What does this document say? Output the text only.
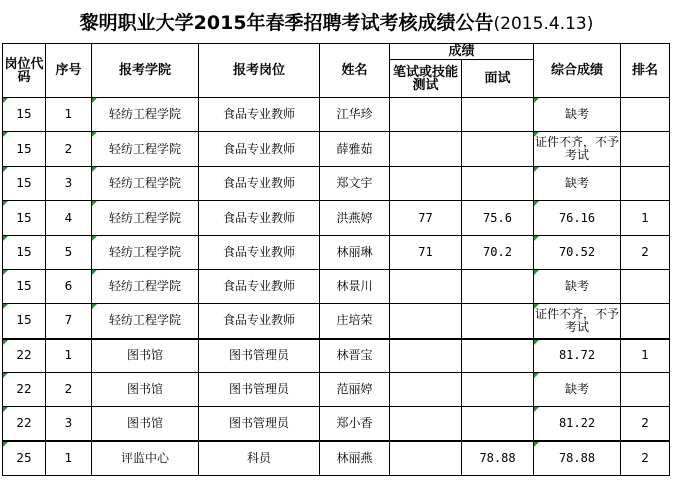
黎明职业大学2015年春季招聘考试考核成绩公告(2015.4.13)
岗位代码	序号	报考学院	报考岗位	姓名	成绩		综合成绩	排名
					笔试或技能测试	面试		
15	1	轻纺工程学院	食品专业教师	江华珍			缺考

15	2	轻纺工程学院	食品专业教师	薛雅茹			证件不齐，不予考试

15	3	轻纺工程学院	食品专业教师	郑文宇			缺考

15	4	轻纺工程学院	食品专业教师	洪燕婷	77	75.6	76.16	1
15	5	轻纺工程学院	食品专业教师	林丽琳	71	70.2	70.52	2
15	6	轻纺工程学院	食品专业教师	林景川			缺考

15	7	轻纺工程学院	食品专业教师	庄培荣			证件不齐，不予考试

22	1	图书馆	图书管理员	林晋宝			81.72	1
22	2	图书馆	图书管理员	范丽婷			缺考

22	3	图书馆	图书管理员	郑小香			81.22	2
25	1	评监中心	科员	林丽燕		78.88	78.88	2
